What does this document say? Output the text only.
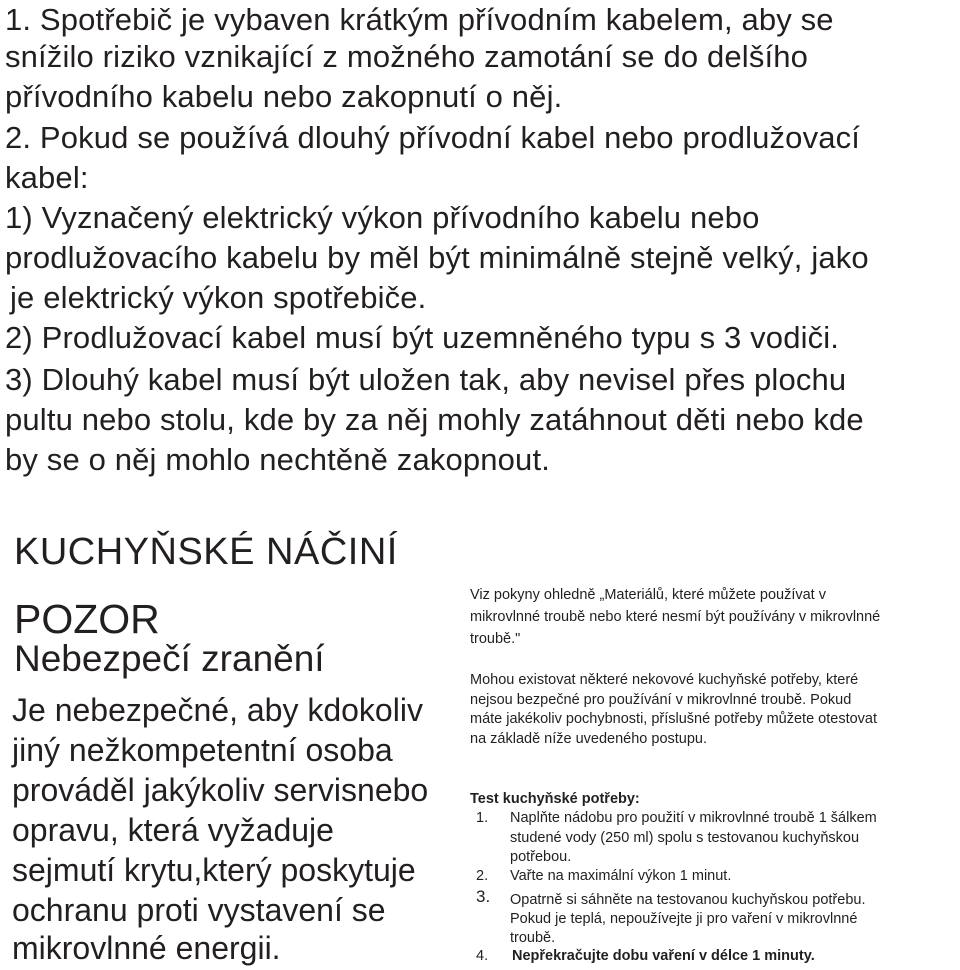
1. Spotřebič je vybaven krátkým přívodním kabelem, aby se

snížilo riziko vznikající z možného zamotání se do delšího

přívodního kabelu nebo zakopnutí o něj.

2. Pokud se používá dlouhý přívodní kabel nebo prodlužovací

kabel:

1) Vyznačený elektrický výkon přívodního kabelu nebo

prodlužovacího kabelu by měl být minimálně stejně velký, jako

je elektrický výkon spotřebiče.

2) Prodlužovací kabel musí být uzemněného typu s 3 vodiči.

3) Dlouhý kabel musí být uložen tak, aby nevisel přes plochu

pultu nebo stolu, kde by za něj mohly zatáhnout děti nebo kde

by se o něj mohlo nechtěně zakopnout.

KUCHYŇSKÉ NÁČINÍ
POZOR
Nebezpečí zranění

Je nebezpečné, aby kdokoliv

jiný nežkompetentní osoba

prováděl jakýkoliv servisnebo

opravu, která vyžaduje

sejmutí krytu,který poskytuje

ochranu proti vystavení se

mikrovlnné energii.

Viz pokyny ohledně „Materiálů, které můžete používat v

mikrovlnné troubě nebo které nesmí být používány v mikrovlnné

troubě."

Mohou existovat některé nekovové kuchyňské potřeby, které

nejsou bezpečné pro používání v mikrovlnné troubě. Pokud

máte jakékoliv pochybnosti, příslušné potřeby můžete otestovat

na základě níže uvedeného postupu.

Test kuchyňské potřeby:

1. Naplňte nádobu pro použití v mikrovlnné troubě 1 šálkem

studené vody (250 ml) spolu s testovanou kuchyňskou

potřebou.

2. Vařte na maximální výkon 1 minut.

3. Opatrně si sáhněte na testovanou kuchyňskou potřebu.

Pokud je teplá, nepoužívejte ji pro vaření v mikrovlnné

troubě.

4. Nepřekračujte dobu vaření v délce 1 minuty.
